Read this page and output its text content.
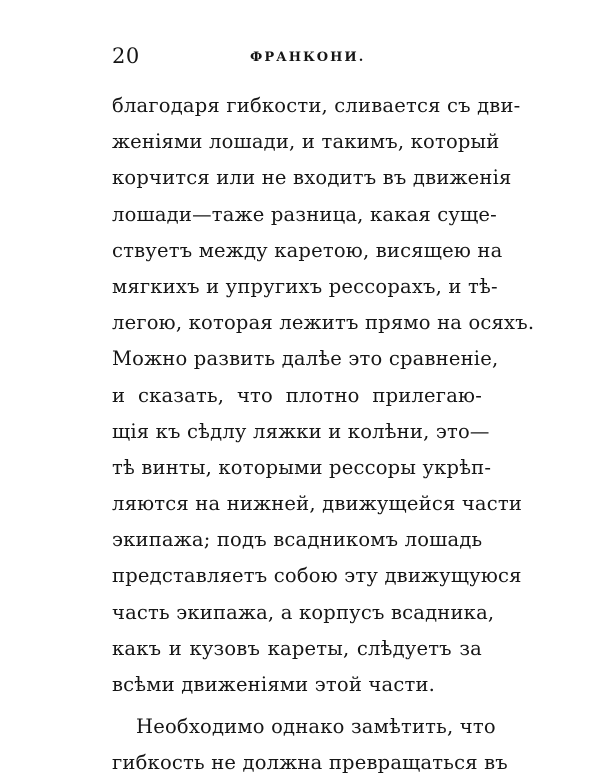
20	ФРАНКОНИ.
благодаря гибкости, сливается съ дви-
женіями лошади, и такимъ, который
корчится или не входитъ въ движенія
лошади—таже разница, какая суще-
ствуетъ между каретою, висящею на
мягкихъ и упругихъ рессорахъ, и тѣ-
легою, которая лежитъ прямо на осяхъ.
Можно развить далѣе это сравненіе,
и сказать, что плотно прилегаю-
щія къ сѣдлу ляжки и колѣни, это—
тѣ винты, которыми рессоры укрѣп-
ляются на нижней, движущейся части
экипажа; подъ всадникомъ лошадь
представляетъ собою эту движущуюся
часть экипажа, а корпусъ всадника,
какъ и кузовъ кареты, слѣдуетъ за
всѣми движеніями этой части.
Необходимо однако замѣтить, что
гибкость не должна превращаться въ
